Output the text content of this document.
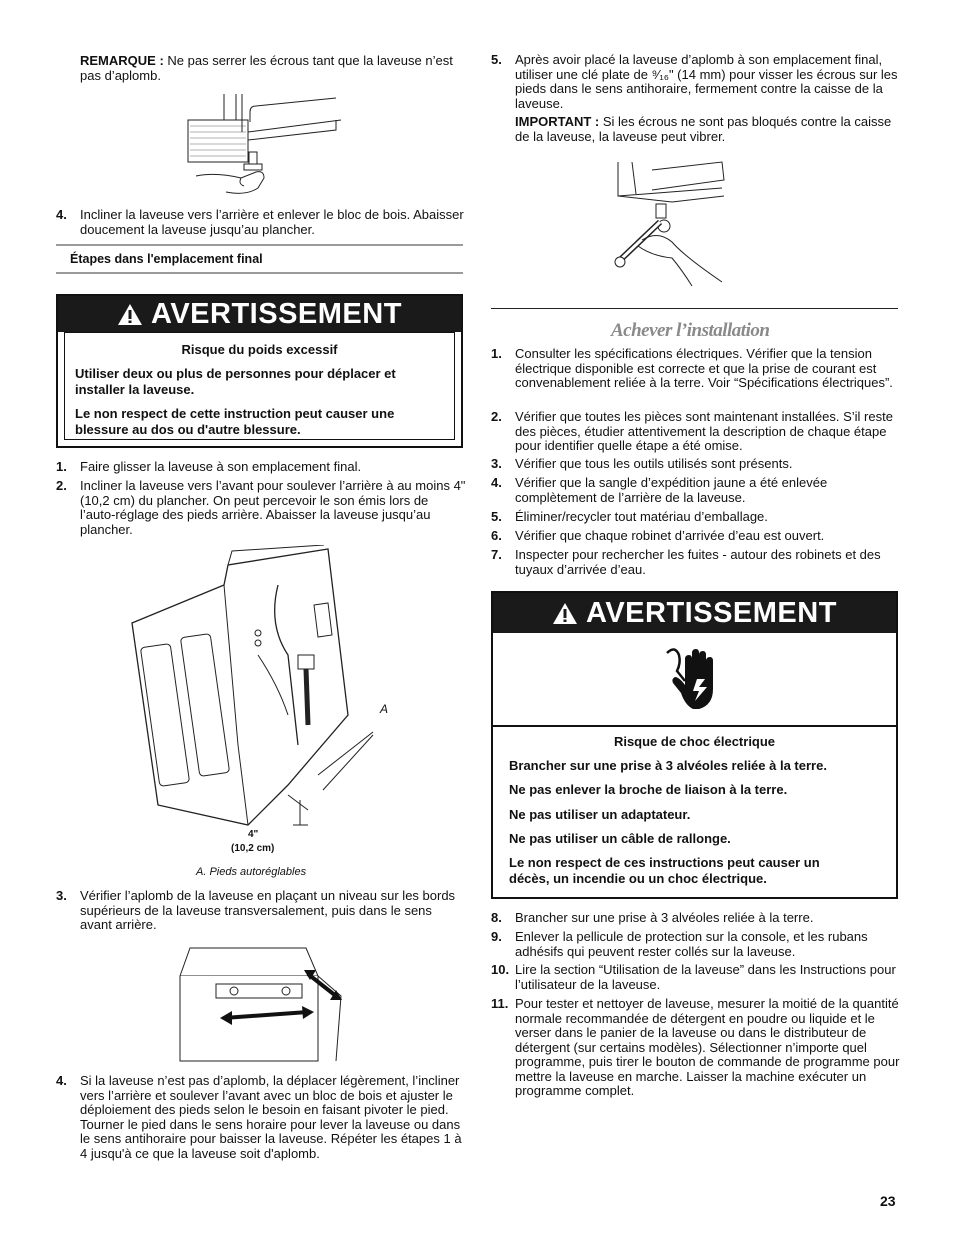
REMARQUE : Ne pas serrer les écrous tant que la laveuse n’est pas d’aplomb.
4. Incliner la laveuse vers l’arrière et enlever le bloc de bois. Abaisser doucement la laveuse jusqu’au plancher.
Étapes dans l'emplacement final
AVERTISSEMENT
Risque du poids excessif
Utiliser deux ou plus de personnes pour déplacer et installer la laveuse.
Le non respect de cette instruction peut causer une blessure au dos ou d'autre blessure.
1. Faire glisser la laveuse à son emplacement final.
2. Incliner la laveuse vers l’avant pour soulever l’arrière à au moins 4" (10,2 cm) du plancher. On peut percevoir le son émis lors de l’auto-réglage des pieds arrière. Abaisser la laveuse jusqu’au plancher.
A
4"
(10,2 cm)
A. Pieds autoréglables
3. Vérifier l’aplomb de la laveuse en plaçant un niveau sur les bords supérieurs de la laveuse transversalement, puis dans le sens avant arrière.
4. Si la laveuse n’est pas d’aplomb, la déplacer légèrement, l’incliner vers l’arrière et soulever l’avant avec un bloc de bois et ajuster le déploiement des pieds selon le besoin en faisant pivoter le pied. Tourner le pied dans le sens horaire pour lever la laveuse ou dans le sens antihoraire pour baisser la laveuse. Répéter les étapes 1 à 4 jusqu'à ce que la laveuse soit d'aplomb.
5. Après avoir placé la laveuse d’aplomb à son emplacement final, utiliser une clé plate de ⁹⁄₁₆" (14 mm) pour visser les écrous sur les pieds dans le sens antihoraire, fermement contre la caisse de la laveuse.
IMPORTANT : Si les écrous ne sont pas bloqués contre la caisse de la laveuse, la laveuse peut vibrer.
Achever l’installation
1. Consulter les spécifications électriques. Vérifier que la tension électrique disponible est correcte et que la prise de courant est convenablement reliée à la terre. Voir “Spécifications électriques”.
2. Vérifier que toutes les pièces sont maintenant installées. S’il reste des pièces, étudier attentivement la description de chaque étape pour identifier quelle étape a été omise.
3. Vérifier que tous les outils utilisés sont présents.
4. Vérifier que la sangle d’expédition jaune a été enlevée complètement de l’arrière de la laveuse.
5. Éliminer/recycler tout matériau d’emballage.
6. Vérifier que chaque robinet d’arrivée d’eau est ouvert.
7. Inspecter pour rechercher les fuites - autour des robinets et des tuyaux d’arrivée d’eau.
AVERTISSEMENT
Risque de choc électrique
Brancher sur une prise à 3 alvéoles reliée à la terre.
Ne pas enlever la broche de liaison à la terre.
Ne pas utiliser un adaptateur.
Ne pas utiliser un câble de rallonge.
Le non respect de ces instructions peut causer un décès, un incendie ou un choc électrique.
8. Brancher sur une prise à 3 alvéoles reliée à la terre.
9. Enlever la pellicule de protection sur la console, et les rubans adhésifs qui peuvent rester collés sur la laveuse.
10. Lire la section “Utilisation de la laveuse” dans les Instructions pour l’utilisateur de la laveuse.
11. Pour tester et nettoyer de laveuse, mesurer la moitié de la quantité normale recommandée de détergent en poudre ou liquide et le verser dans le panier de la laveuse ou dans le distributeur de détergent (sur certains modèles). Sélectionner n’importe quel programme, puis tirer le bouton de commande de programme pour mettre la laveuse en marche. Laisser la machine exécuter un programme complet.
23
